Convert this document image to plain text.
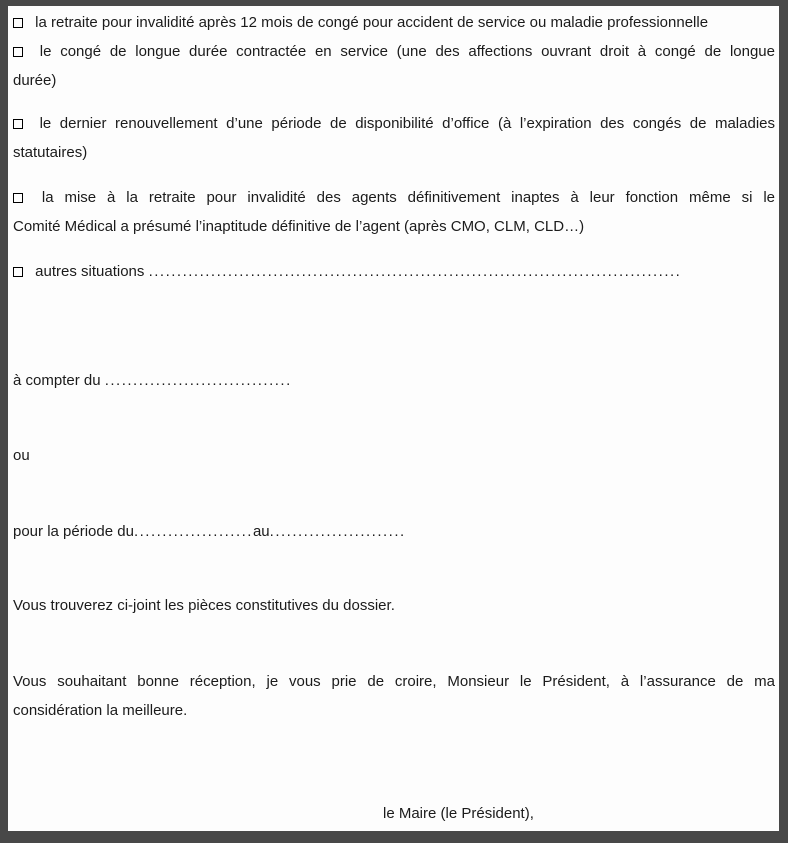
la retraite pour invalidité après 12 mois de congé pour accident de service ou maladie professionnelle
le congé de longue durée contractée en service (une des affections ouvrant droit à congé de longue
durée)
le dernier renouvellement d’une période de disponibilité d’office (à l’expiration des congés de maladies
statutaires)
la mise à la retraite pour invalidité des agents définitivement inaptes à leur fonction même si le
Comité Médical a présumé l’inaptitude définitive de l’agent (après CMO, CLM, CLD…)
autres situations ..............................................................................................
à compter du .................................
ou
pour la période du.....................au........................
Vous trouverez ci-joint les pièces constitutives du dossier.
Vous souhaitant bonne réception, je vous prie de croire, Monsieur le Président, à l’assurance de ma
considération la meilleure.
le Maire (le Président),
